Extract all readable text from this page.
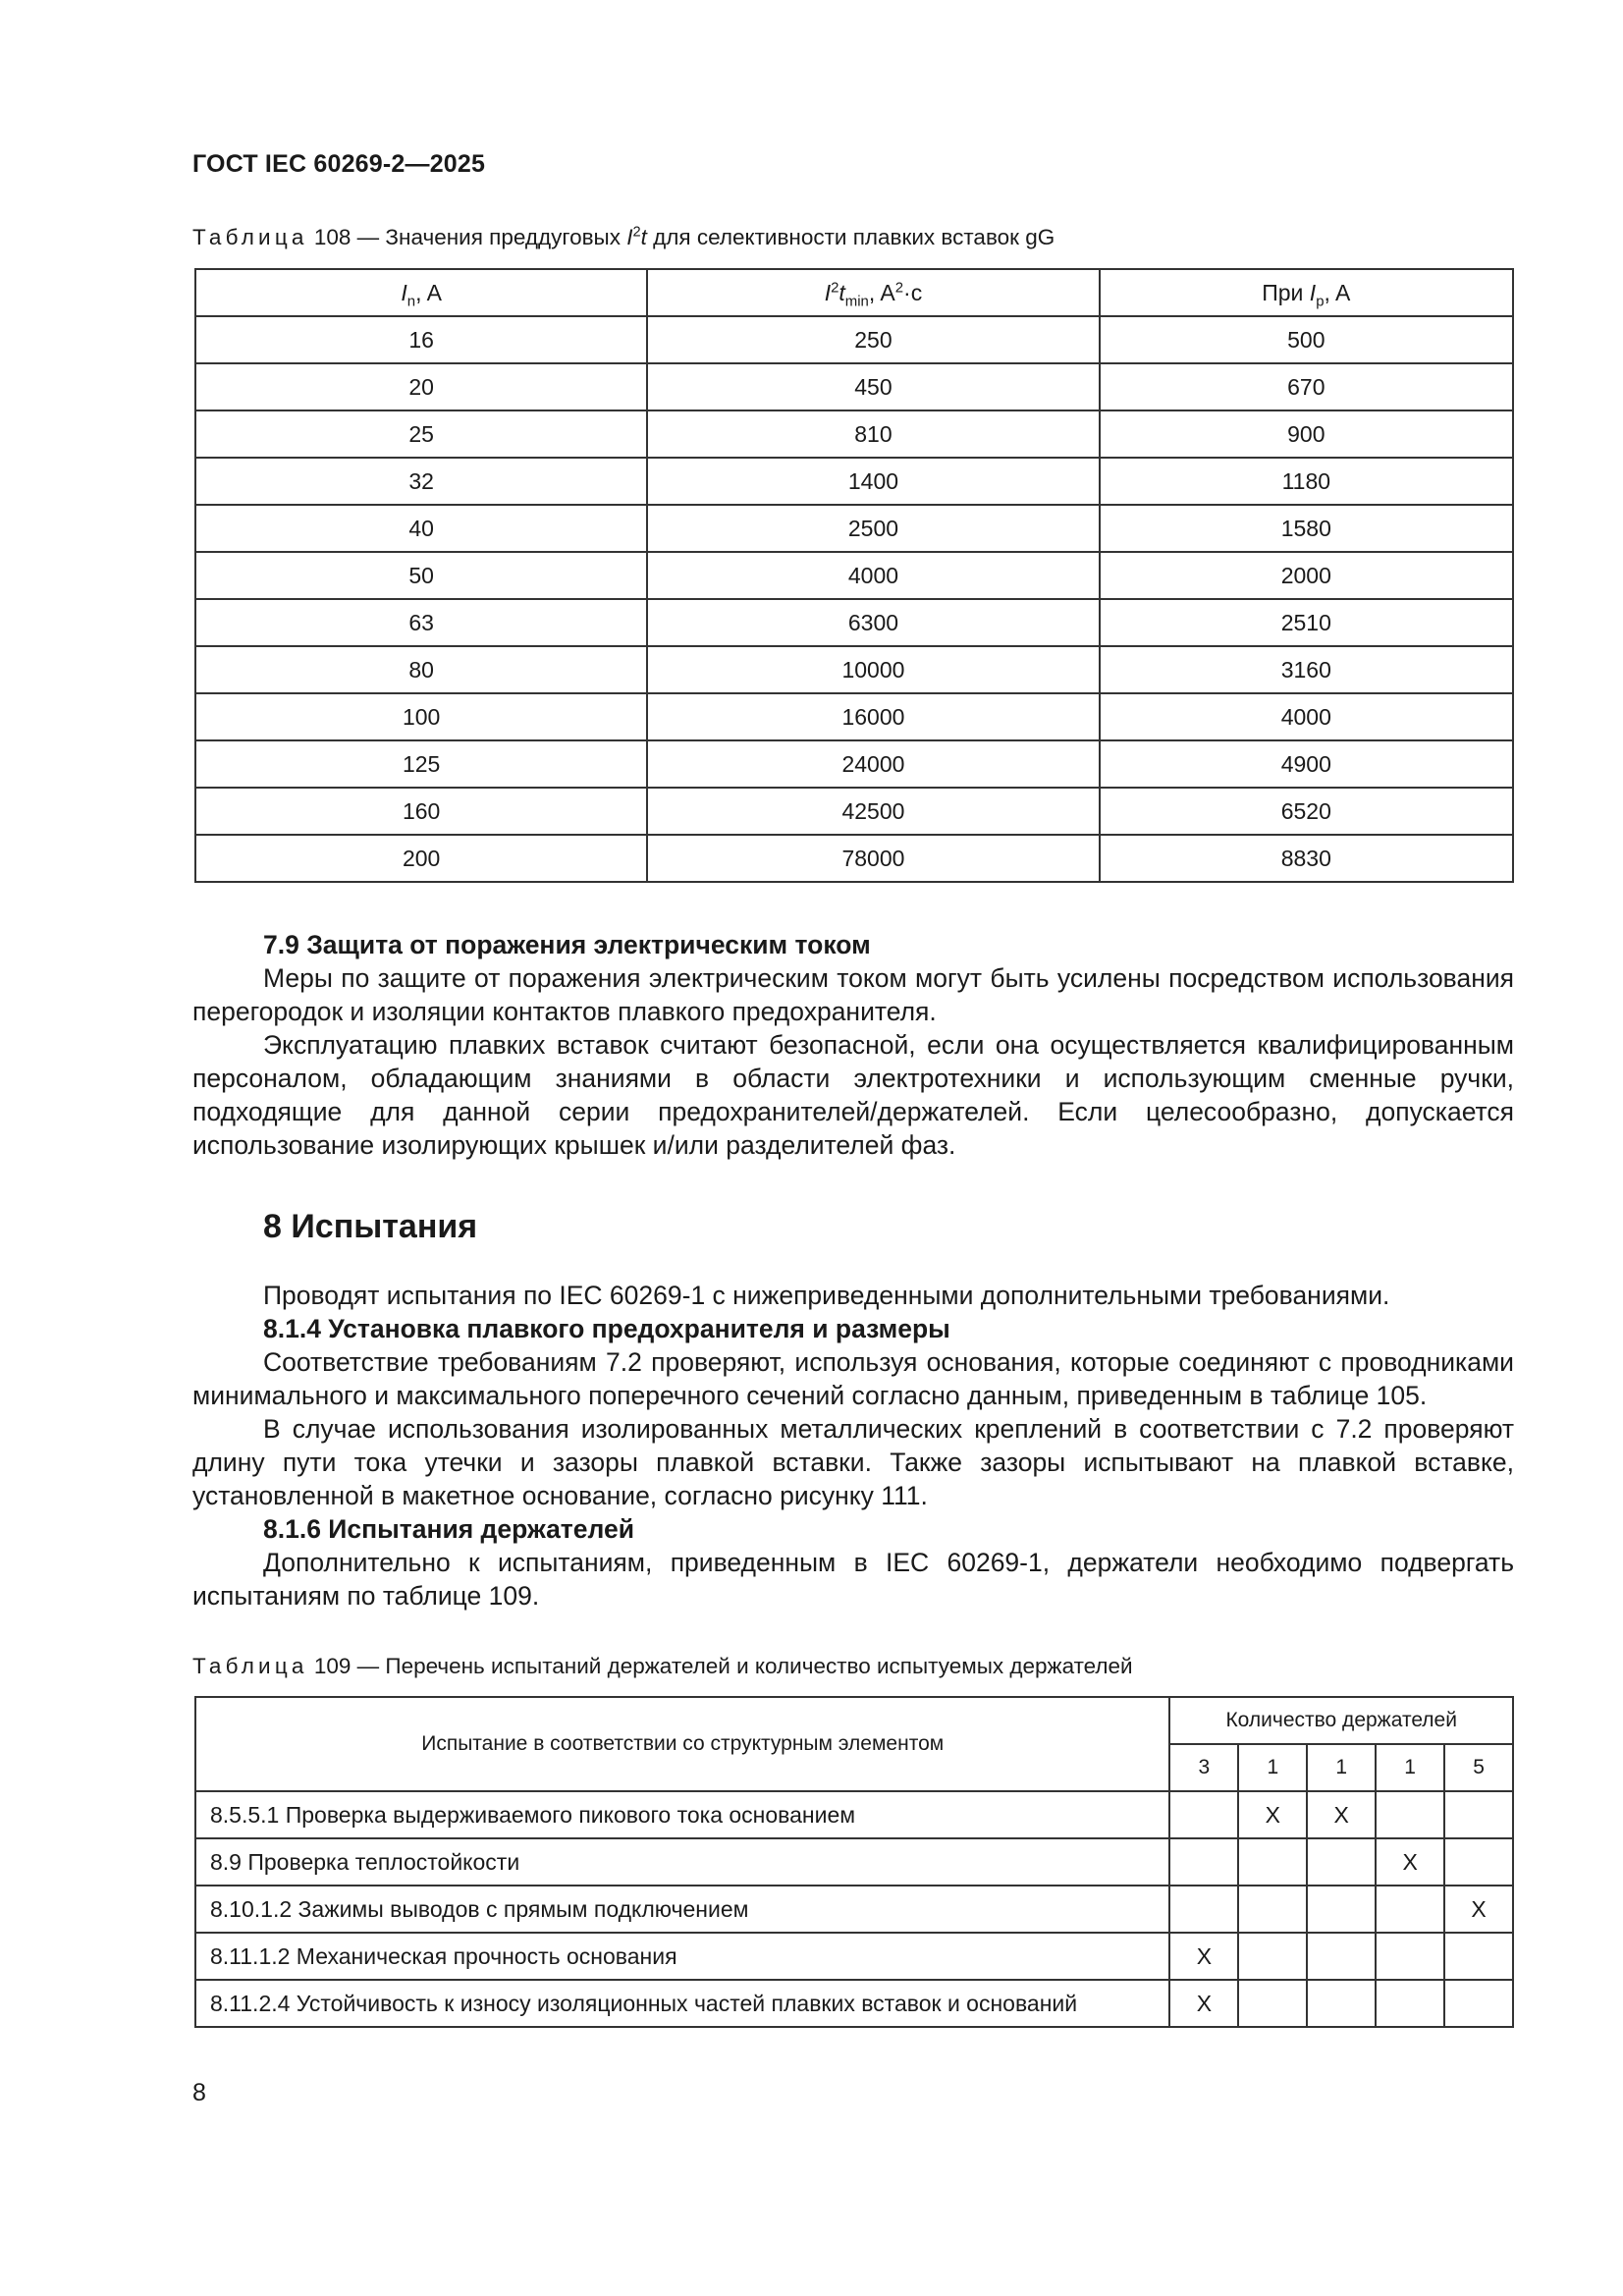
ГОСТ IEC 60269-2—2025
Таблица 108 — Значения преддуговых $I^2t$ для селективности плавких вставок gG
$I_n$, A	$I^2t_{min}$, $A^2\cdot c$	При $I_p$, A
16	250	500
20	450	670
25	810	900
32	1400	1180
40	2500	1580
50	4000	2000
63	6300	2510
80	10000	3160
100	16000	4000
125	24000	4900
160	42500	6520
200	78000	8830
7.9 Защита от поражения электрическим током

Меры по защите от поражения электрическим током могут быть усилены посредством использования перегородок и изоляции контактов плавкого предохранителя.

Эксплуатацию плавких вставок считают безопасной, если она осуществляется квалифицированным персоналом, обладающим знаниями в области электротехники и использующим сменные ручки, подходящие для данной серии предохранителей/держателей. Если целесообразно, допускается использование изолирующих крышек и/или разделителей фаз.

8 Испытания

Проводят испытания по IEC 60269-1 с нижеприведенными дополнительными требованиями.

8.1.4 Установка плавкого предохранителя и размеры

Соответствие требованиям 7.2 проверяют, используя основания, которые соединяют с проводниками минимального и максимального поперечного сечений согласно данным, приведенным в таблице 105.

В случае использования изолированных металлических креплений в соответствии с 7.2 проверяют длину пути тока утечки и зазоры плавкой вставки. Также зазоры испытывают на плавкой вставке, установленной в макетное основание, согласно рисунку 111.

8.1.6 Испытания держателей

Дополнительно к испытаниям, приведенным в IEC 60269-1, держатели необходимо подвергать испытаниям по таблице 109.

Таблица 109 — Перечень испытаний держателей и количество испытуемых держателей
Испытание в соответствии со структурным элементом	Количество держателей				
	3	1	1	1	5
8.5.5.1 Проверка выдерживаемого пикового тока основанием		X	X		
8.9 Проверка теплостойкости				X	
8.10.1.2 Зажимы выводов с прямым подключением					X
8.11.1.2 Механическая прочность основания	X				
8.11.2.4 Устойчивость к износу изоляционных частей плавких вставок и оснований	X				
8
